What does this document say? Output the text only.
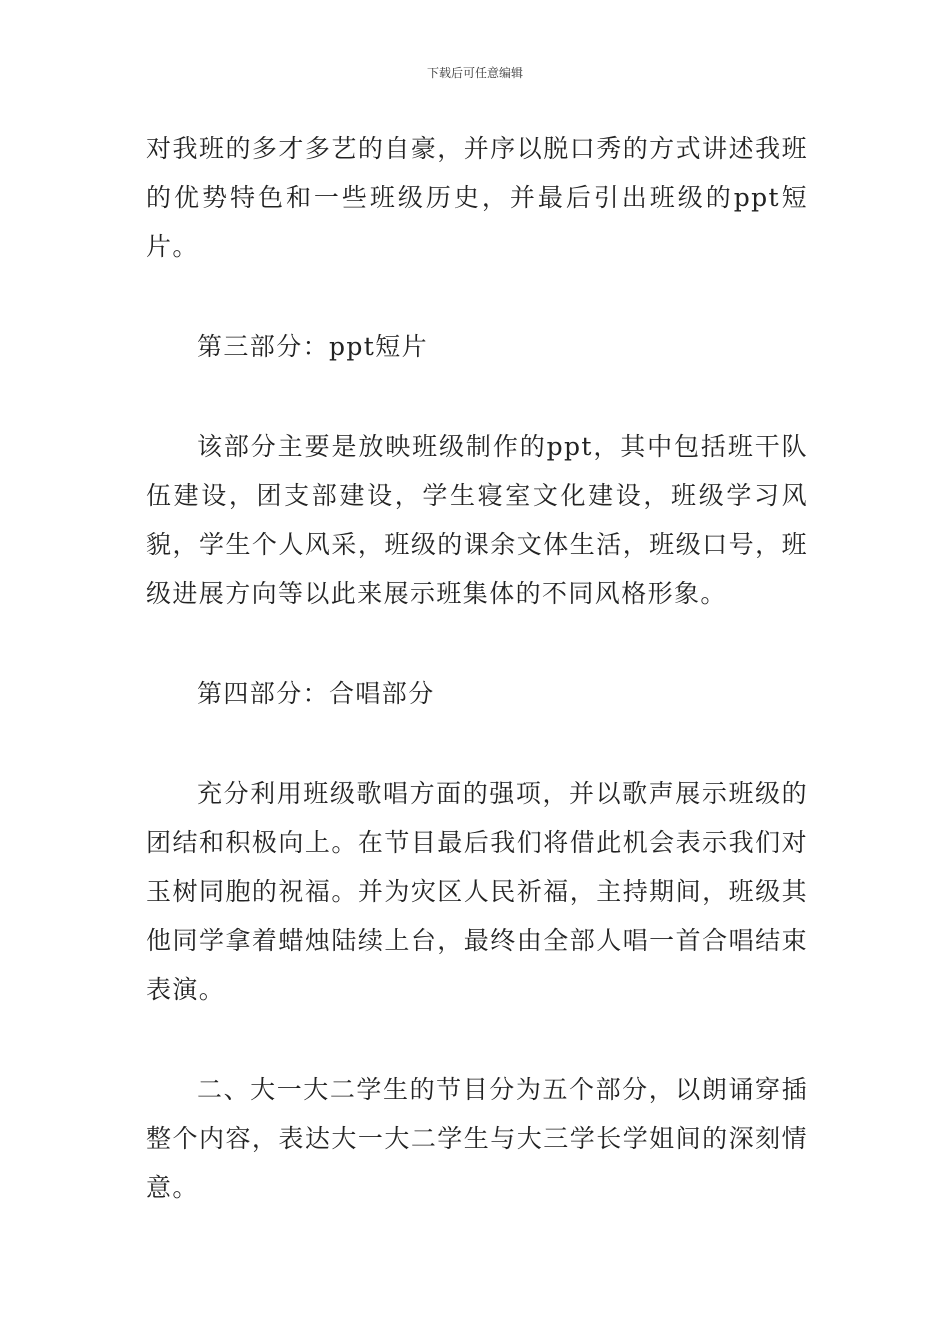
下载后可任意编辑

对我班的多才多艺的自豪，并序以脱口秀的方式讲述我班的优势特色和一些班级历史，并最后引出班级的ppt短片。

第三部分：ppt短片

该部分主要是放映班级制作的ppt，其中包括班干队伍建设，团支部建设，学生寝室文化建设，班级学习风貌，学生个人风采，班级的课余文体生活，班级口号，班级进展方向等以此来展示班集体的不同风格形象。

第四部分：合唱部分

充分利用班级歌唱方面的强项，并以歌声展示班级的团结和积极向上。在节目最后我们将借此机会表示我们对玉树同胞的祝福。并为灾区人民祈福，主持期间，班级其他同学拿着蜡烛陆续上台，最终由全部人唱一首合唱结束表演。

二、大一大二学生的节目分为五个部分，以朗诵穿插整个内容，表达大一大二学生与大三学长学姐间的深刻情意。
